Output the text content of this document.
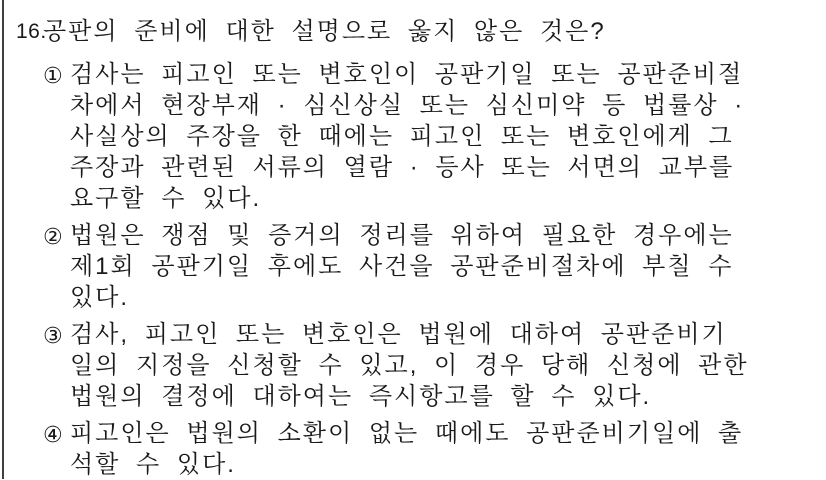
16.
공판의 준비에 대한 설명으로 옳지 않은 것은?
① 검사는 피고인 또는 변호인이 공판기일 또는 공판준비절
차에서 현장부재 · 심신상실 또는 심신미약 등 법률상 ·
사실상의 주장을 한 때에는 피고인 또는 변호인에게 그
주장과 관련된 서류의 열람 · 등사 또는 서면의 교부를
요구할 수 있다.
② 법원은 쟁점 및 증거의 정리를 위하여 필요한 경우에는
제1회 공판기일 후에도 사건을 공판준비절차에 부칠 수
있다.
③ 검사, 피고인 또는 변호인은 법원에 대하여 공판준비기
일의 지정을 신청할 수 있고, 이 경우 당해 신청에 관한
법원의 결정에 대하여는 즉시항고를 할 수 있다.
④ 피고인은 법원의 소환이 없는 때에도 공판준비기일에 출
석할 수 있다.
